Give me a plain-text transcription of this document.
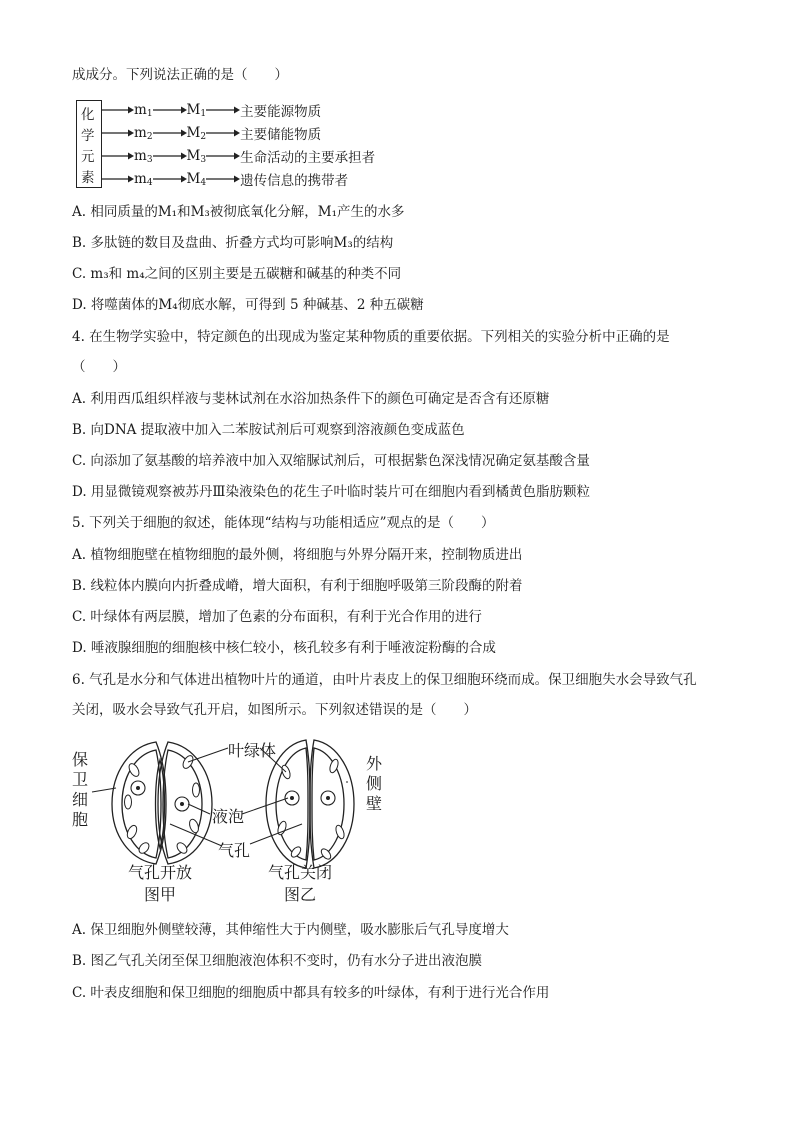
成成分。下列说法正确的是（　　）
化
学
元
素
$m_1$	$M_1$	主要能源物质
$m_2$	$M_2$	主要储能物质
$m_3$	$M_3$	生命活动的主要承担者
$m_4$	$M_4$	遗传信息的携带者
A. 相同质量的M₁和M₃被彻底氧化分解，M₁产生的水多
B. 多肽链的数目及盘曲、折叠方式均可影响M₃的结构
C. m₃和 m₄之间的区别主要是五碳糖和碱基的种类不同
D. 将噬菌体的M₄彻底水解，可得到 5 种碱基、2 种五碳糖
4. 在生物学实验中，特定颜色的出现成为鉴定某种物质的重要依据。下列相关的实验分析中正确的是
（　　）
A. 利用西瓜组织样液与斐林试剂在水浴加热条件下的颜色可确定是否含有还原糖
B. 向DNA 提取液中加入二苯胺试剂后可观察到溶液颜色变成蓝色
C. 向添加了氨基酸的培养液中加入双缩脲试剂后，可根据紫色深浅情况确定氨基酸含量
D. 用显微镜观察被苏丹Ⅲ染液染色的花生子叶临时装片可在细胞内看到橘黄色脂肪颗粒
5. 下列关于细胞的叙述，能体现“结构与功能相适应”观点的是（　　）
A. 植物细胞壁在植物细胞的最外侧，将细胞与外界分隔开来，控制物质进出
B. 线粒体内膜向内折叠成嵴，增大面积，有利于细胞呼吸第三阶段酶的附着
C. 叶绿体有两层膜，增加了色素的分布面积，有利于光合作用的进行
D. 唾液腺细胞的细胞核中核仁较小，核孔较多有利于唾液淀粉酶的合成
6. 气孔是水分和气体进出植物叶片的通道，由叶片表皮上的保卫细胞环绕而成。保卫细胞失水会导致气孔
关闭，吸水会导致气孔开启，如图所示。下列叙述错误的是（　　）
保
卫
细
胞
叶绿体
液泡
气孔
外
侧
壁
气孔开放
图甲
气孔关闭
图乙
A. 保卫细胞外侧壁较薄，其伸缩性大于内侧壁，吸水膨胀后气孔导度增大
B. 图乙气孔关闭至保卫细胞液泡体积不变时，仍有水分子进出液泡膜
C. 叶表皮细胞和保卫细胞的细胞质中都具有较多的叶绿体，有利于进行光合作用
